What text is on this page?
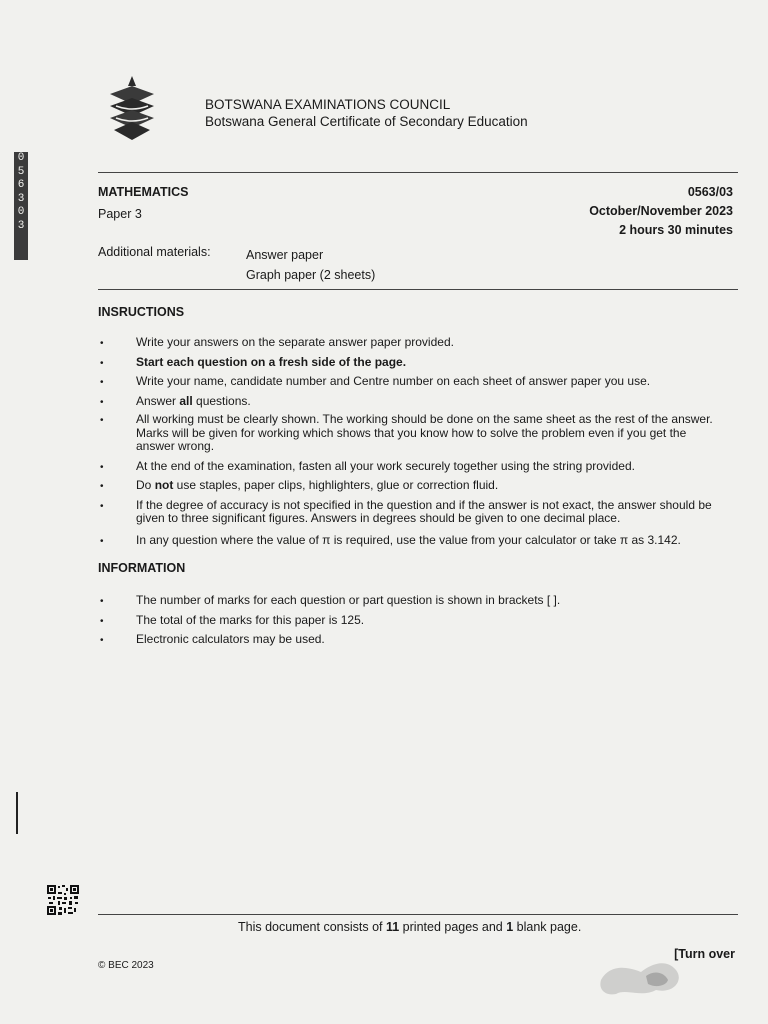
0
5
6
3
0
3
BOTSWANA EXAMINATIONS COUNCIL
Botswana General Certificate of Secondary Education
MATHEMATICS
Paper 3
0563/03
October/November 2023
2 hours 30 minutes
Additional materials:	Answer paper
Graph paper (2 sheets)
INSRUCTIONS
• Write your answers on the separate answer paper provided.
• Start each question on a fresh side of the page.
• Write your name, candidate number and Centre number on each sheet of answer paper you use.
• Answer all questions.
• All working must be clearly shown. The working should be done on the same sheet as the rest of the answer. Marks will be given for working which shows that you know how to solve the problem even if you get the answer wrong.
• At the end of the examination, fasten all your work securely together using the string provided.
• Do not use staples, paper clips, highlighters, glue or correction fluid.
• If the degree of accuracy is not specified in the question and if the answer is not exact, the answer should be given to three significant figures. Answers in degrees should be given to one decimal place.
• In any question where the value of π is required, use the value from your calculator or take π as 3.142.
INFORMATION
• The number of marks for each question or part question is shown in brackets [ ].
• The total of the marks for this paper is 125.
• Electronic calculators may be used.
This document consists of 11 printed pages and 1 blank page.
© BEC 2023
[Turn over
